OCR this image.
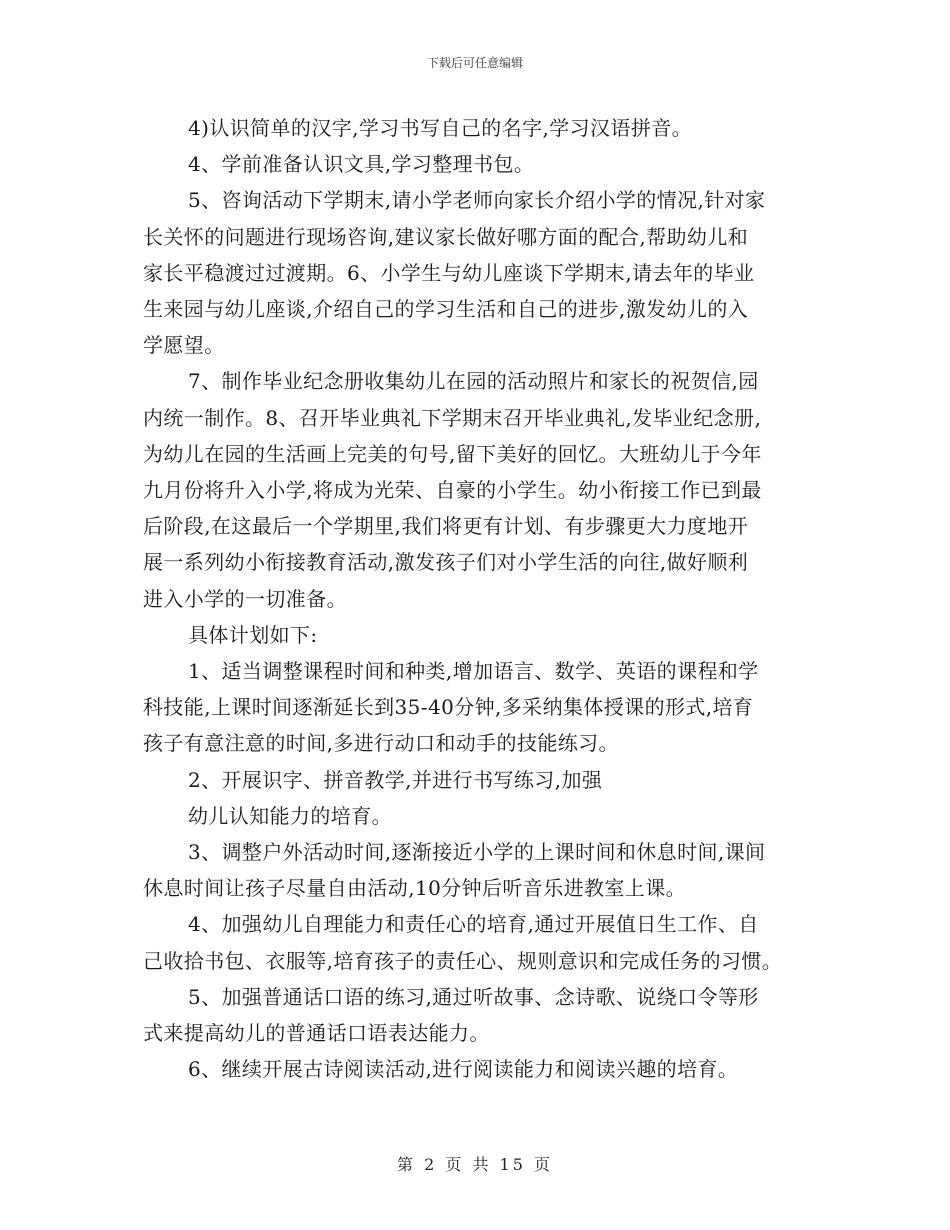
下载后可任意编辑
4)认识简单的汉字,学习书写自己的名字,学习汉语拼音。
4、学前准备认识文具,学习整理书包。
5、咨询活动下学期末,请小学老师向家长介绍小学的情况,针对家
长关怀的问题进行现场咨询,建议家长做好哪方面的配合,帮助幼儿和
家长平稳渡过过渡期。6、小学生与幼儿座谈下学期末,请去年的毕业
生来园与幼儿座谈,介绍自己的学习生活和自己的进步,激发幼儿的入
学愿望。
7、制作毕业纪念册收集幼儿在园的活动照片和家长的祝贺信,园
内统一制作。8、召开毕业典礼下学期末召开毕业典礼,发毕业纪念册,
为幼儿在园的生活画上完美的句号,留下美好的回忆。大班幼儿于今年
九月份将升入小学,将成为光荣、自豪的小学生。幼小衔接工作已到最
后阶段,在这最后一个学期里,我们将更有计划、有步骤更大力度地开
展一系列幼小衔接教育活动,激发孩子们对小学生活的向往,做好顺利
进入小学的一切准备。
具体计划如下:
1、适当调整课程时间和种类,增加语言、数学、英语的课程和学
科技能,上课时间逐渐延长到35-40分钟,多采纳集体授课的形式,培育
孩子有意注意的时间,多进行动口和动手的技能练习。
2、开展识字、拼音教学,并进行书写练习,加强
幼儿认知能力的培育。
3、调整户外活动时间,逐渐接近小学的上课时间和休息时间,课间
休息时间让孩子尽量自由活动,10分钟后听音乐进教室上课。
4、加强幼儿自理能力和责任心的培育,通过开展值日生工作、自
己收拾书包、衣服等,培育孩子的责任心、规则意识和完成任务的习惯。
5、加强普通话口语的练习,通过听故事、念诗歌、说绕口令等形
式来提高幼儿的普通话口语表达能力。
6、继续开展古诗阅读活动,进行阅读能力和阅读兴趣的培育。
第 2 页 共 15 页
